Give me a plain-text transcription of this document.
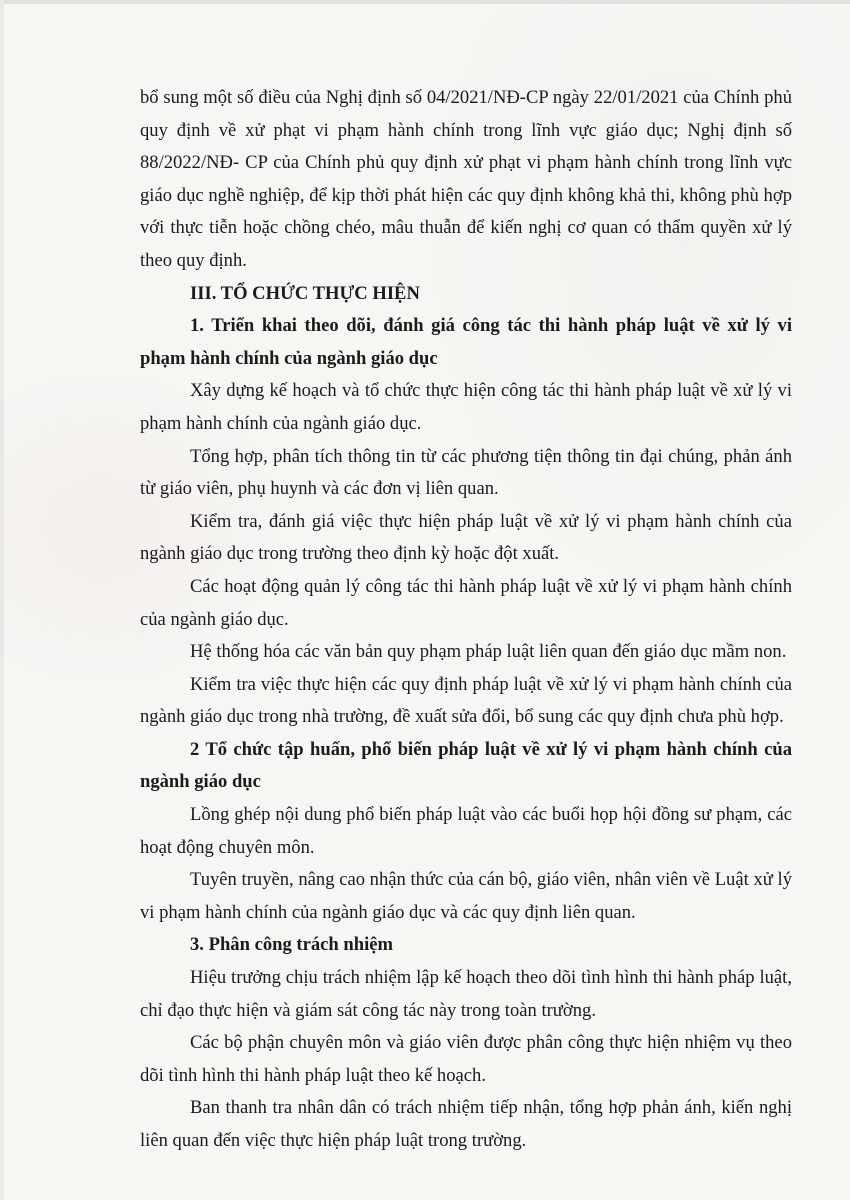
bổ sung một số điều của Nghị định số 04/2021/NĐ-CP ngày 22/01/2021 của Chính phủ quy định về xử phạt vi phạm hành chính trong lĩnh vực giáo dục; Nghị định số 88/2022/NĐ- CP của Chính phủ quy định xử phạt vi phạm hành chính trong lĩnh vực giáo dục nghề nghiệp, để kịp thời phát hiện các quy định không khả thi, không phù hợp với thực tiễn hoặc chồng chéo, mâu thuẫn để kiến nghị cơ quan có thẩm quyền xử lý theo quy định.

III. TỔ CHỨC THỰC HIỆN

1. Triển khai theo dõi, đánh giá công tác thi hành pháp luật về xử lý vi phạm hành chính của ngành giáo dục

Xây dựng kế hoạch và tổ chức thực hiện công tác thi hành pháp luật về xử lý vi phạm hành chính của ngành giáo dục.

Tổng hợp, phân tích thông tin từ các phương tiện thông tin đại chúng, phản ánh từ giáo viên, phụ huynh và các đơn vị liên quan.

Kiểm tra, đánh giá việc thực hiện pháp luật về xử lý vi phạm hành chính của ngành giáo dục trong trường theo định kỳ hoặc đột xuất.

Các hoạt động quản lý công tác thi hành pháp luật về xử lý vi phạm hành chính của ngành giáo dục.

Hệ thống hóa các văn bản quy phạm pháp luật liên quan đến giáo dục mầm non.

Kiểm tra việc thực hiện các quy định pháp luật về xử lý vi phạm hành chính của ngành giáo dục trong nhà trường, đề xuất sửa đổi, bổ sung các quy định chưa phù hợp.

2 Tổ chức tập huấn, phổ biến pháp luật về xử lý vi phạm hành chính của ngành giáo dục

Lồng ghép nội dung phổ biến pháp luật vào các buổi họp hội đồng sư phạm, các hoạt động chuyên môn.

Tuyên truyền, nâng cao nhận thức của cán bộ, giáo viên, nhân viên về Luật xử lý vi phạm hành chính của ngành giáo dục và các quy định liên quan.

3. Phân công trách nhiệm

Hiệu trưởng chịu trách nhiệm lập kế hoạch theo dõi tình hình thi hành pháp luật, chỉ đạo thực hiện và giám sát công tác này trong toàn trường.

Các bộ phận chuyên môn và giáo viên được phân công thực hiện nhiệm vụ theo dõi tình hình thi hành pháp luật theo kế hoạch.

Ban thanh tra nhân dân có trách nhiệm tiếp nhận, tổng hợp phản ánh, kiến nghị liên quan đến việc thực hiện pháp luật trong trường.
